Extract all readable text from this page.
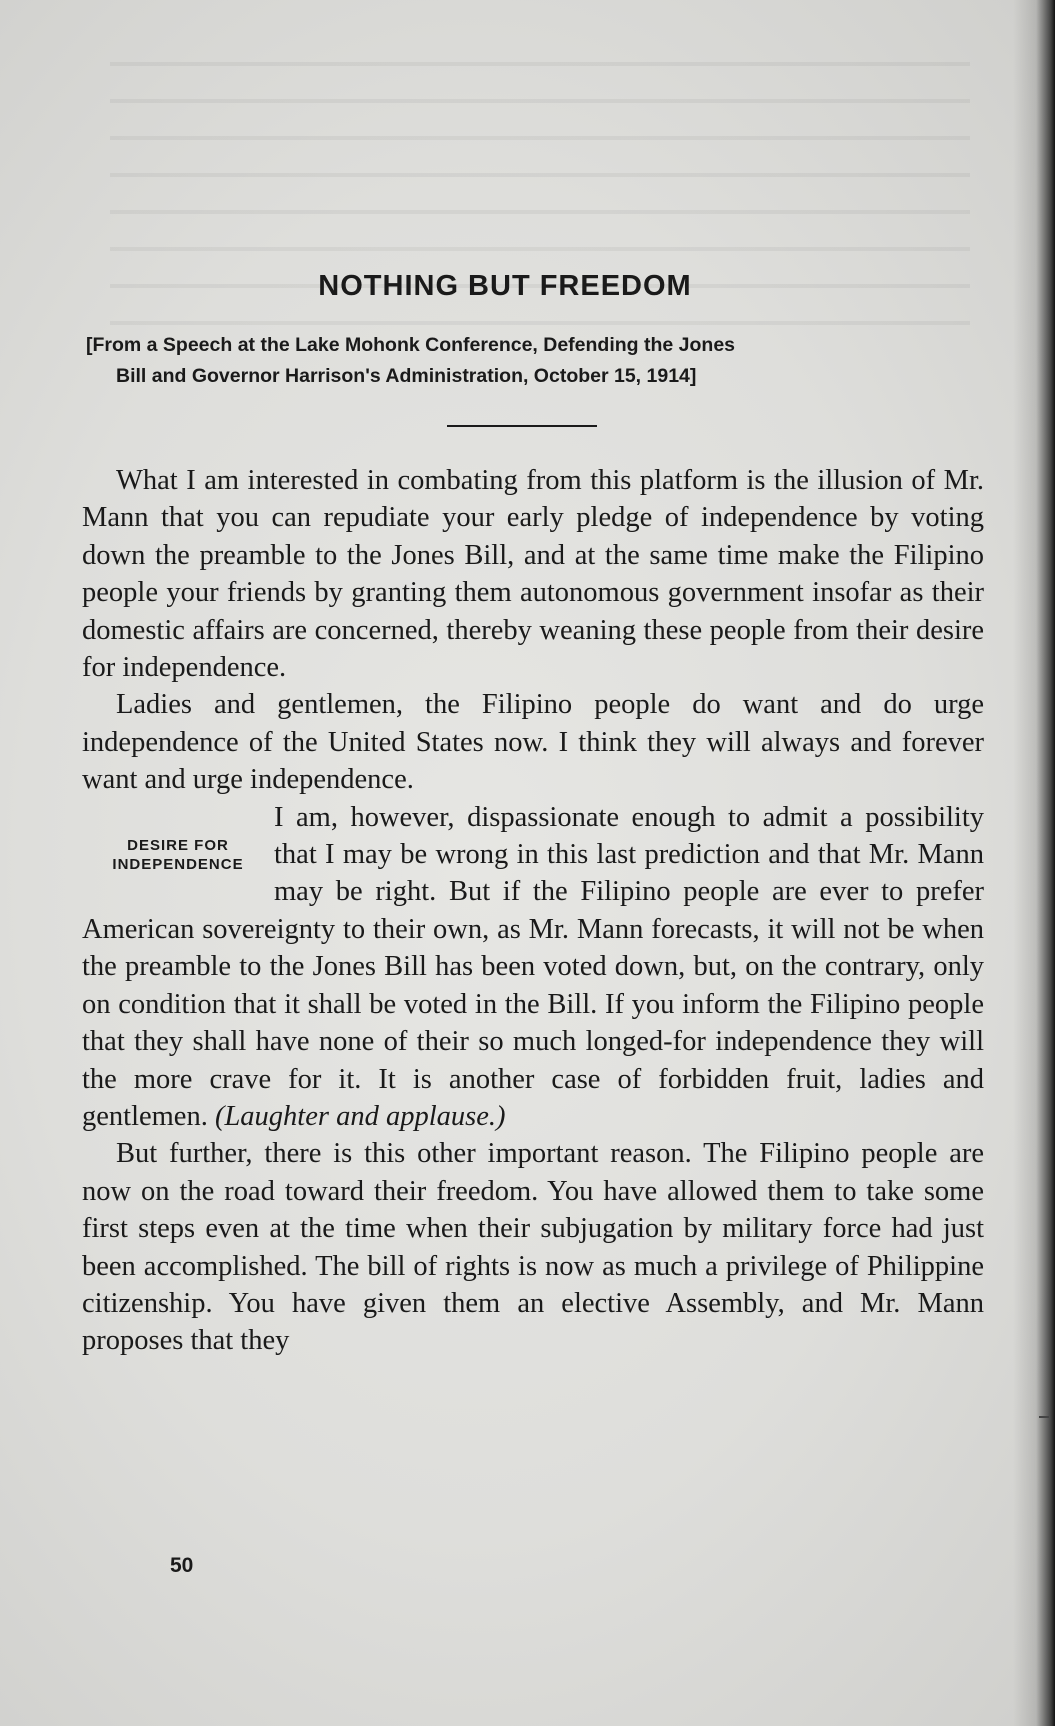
NOTHING BUT FREEDOM
[From a Speech at the Lake Mohonk Conference, Defending the Jones
Bill and Governor Harrison's Administration, October 15, 1914]

What I am interested in combating from this platform is the illusion of Mr. Mann that you can repudiate your early pledge of independence by voting down the preamble to the Jones Bill, and at the same time make the Filipino people your friends by granting them autonomous government insofar as their domestic affairs are concerned, thereby weaning these people from their desire for independence.

Ladies and gentlemen, the Filipino people do want and do urge independence of the United States now. I think they will always and forever want and urge independence.

DESIRE FOR
INDEPENDENCE
I am, however, dispassionate enough to admit a possibility that I may be wrong in this last prediction and that Mr. Mann may be right. But if the Filipino people are ever to prefer American sovereignty to their own, as Mr. Mann forecasts, it will not be when the preamble to the Jones Bill has been voted down, but, on the contrary, only on condition that it shall be voted in the Bill. If you inform the Filipino people that they shall have none of their so much longed-for independence they will the more crave for it. It is another case of forbidden fruit, ladies and gentlemen. (Laughter and applause.)

But further, there is this other important reason. The Filipino people are now on the road toward their freedom. You have allowed them to take some first steps even at the time when their subjugation by military force had just been accomplished. The bill of rights is now as much a privilege of Philippine citizenship. You have given them an elective Assembly, and Mr. Mann proposes that they

50
